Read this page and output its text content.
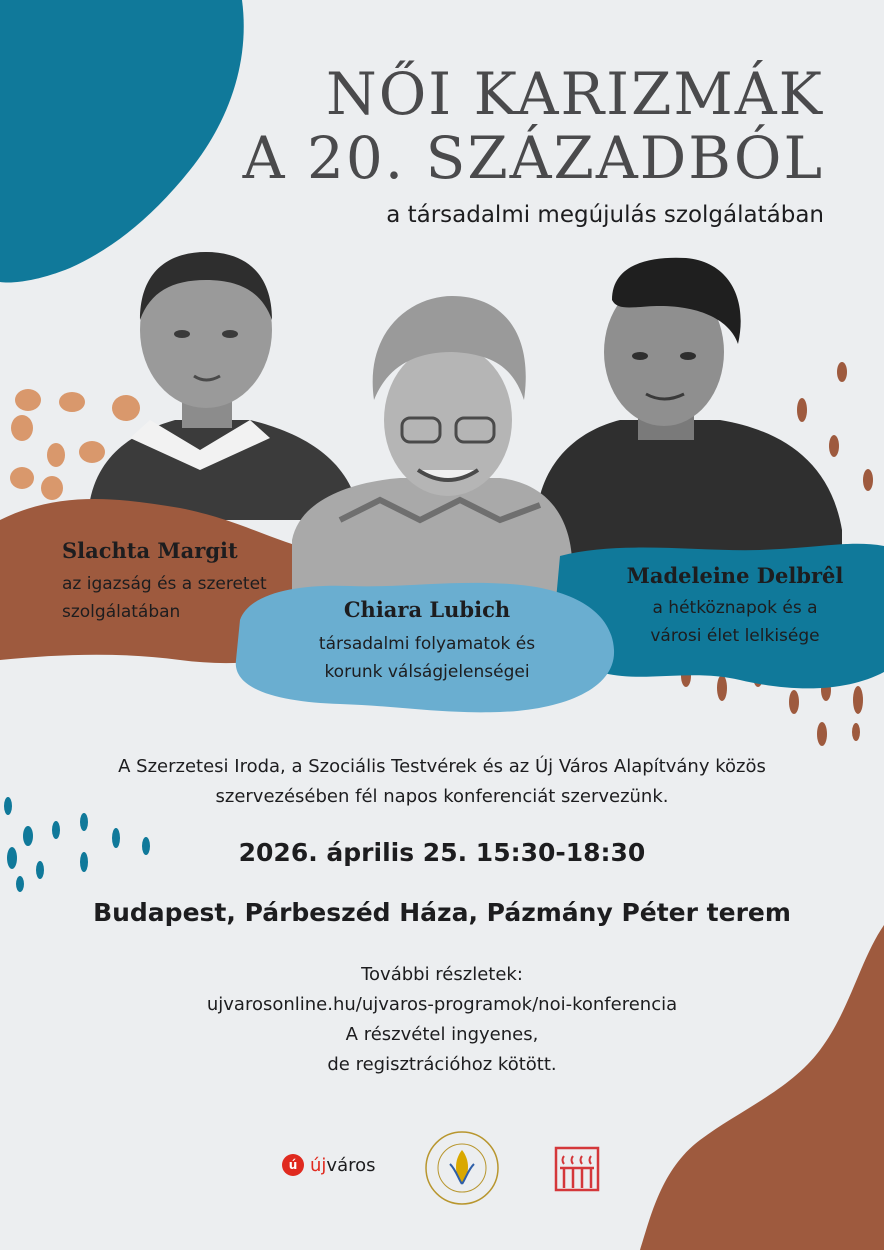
NŐI KARIZMÁK
A 20. SZÁZADBÓL
a társadalmi megújulás szolgálatában
Slachta Margit
az igazság és a szeretet
szolgálatában	Chiara Lubich
társadalmi folyamatok és
korunk válságjelenségei
Madeleine Delbrêl
a hétköznapok és a
városi élet lelkisége
A Szerzetesi Iroda, a Szociális Testvérek és az Új Város Alapítvány közös
szervezésében fél napos konferenciát szervezünk.
2026. április 25. 15:30-18:30
Budapest, Párbeszéd Háza, Pázmány Péter terem
További részletek:
ujvarosonline.hu/ujvaros-programok/noi-konferencia
A részvétel ingyenes,
de regisztrációhoz kötött.
ú újváros
